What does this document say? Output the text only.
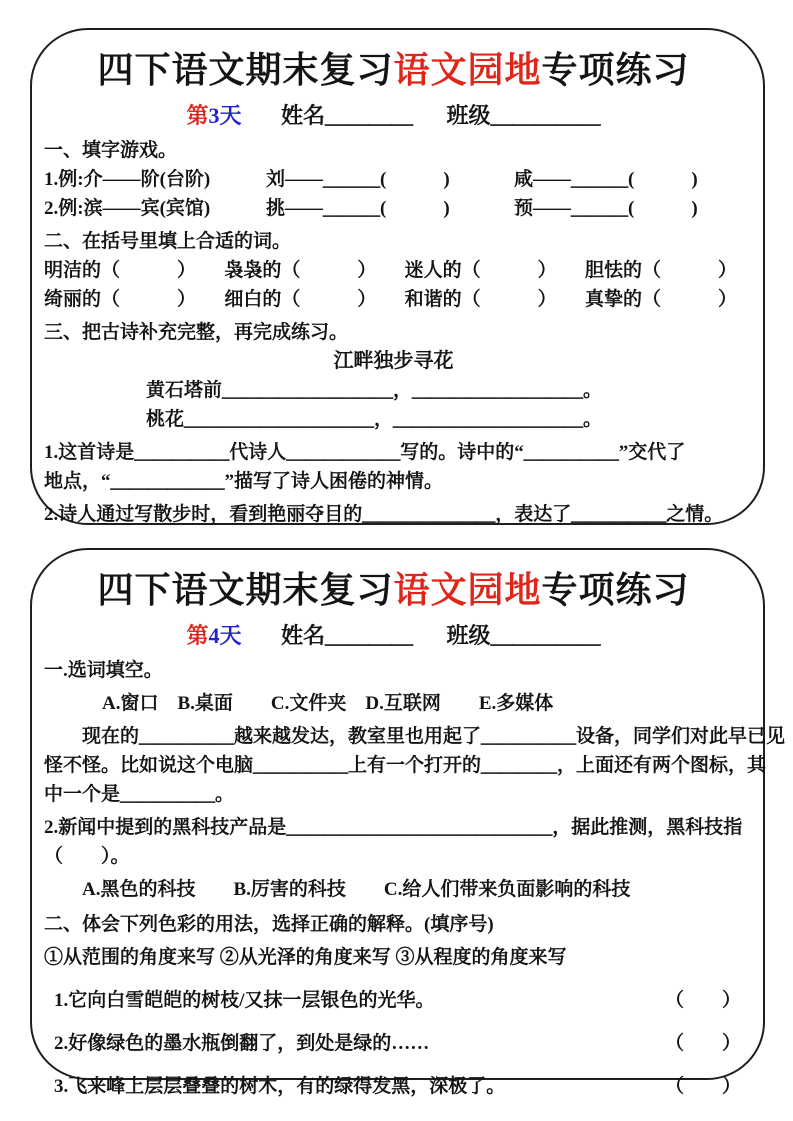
四下语文期末复习语文园地专项练习
第3天 姓名＿＿＿＿ 班级＿＿＿＿＿
一、填字游戏。
1.例:介——阶(台阶)	刘——＿＿＿(　　　)	咸——＿＿＿(　　　)
2.例:滨——宾(宾馆)	挑——＿＿＿(　　　)	预——＿＿＿(　　　)
二、在括号里填上合适的词。
明洁的（　　　） 袅袅的（　　　） 迷人的（　　　） 胆怯的（　　　）
绮丽的（　　　） 细白的（　　　） 和谐的（　　　） 真挚的（　　　）
三、把古诗补充完整，再完成练习。
江畔独步寻花
黄石塔前＿＿＿＿＿＿＿＿＿，＿＿＿＿＿＿＿＿＿。
桃花＿＿＿＿＿＿＿＿＿＿，＿＿＿＿＿＿＿＿＿＿。
1.这首诗是＿＿＿＿＿代诗人＿＿＿＿＿＿写的。诗中的“＿＿＿＿＿”交代了
地点，“＿＿＿＿＿＿”描写了诗人困倦的神情。
2.诗人通过写散步时，看到艳丽夺目的＿＿＿＿＿＿＿，表达了＿＿＿＿＿之情。
四下语文期末复习语文园地专项练习
第4天 姓名＿＿＿＿ 班级＿＿＿＿＿
一.选词填空。
A.窗口　B.桌面　　C.文件夹　D.互联网　　E.多媒体
现在的＿＿＿＿＿越来越发达，教室里也用起了＿＿＿＿＿设备，同学们对此早已见
怪不怪。比如说这个电脑＿＿＿＿＿上有一个打开的＿＿＿＿，上面还有两个图标，其
中一个是＿＿＿＿＿。
2.新闻中提到的黑科技产品是＿＿＿＿＿＿＿＿＿＿＿＿＿＿，据此推测，黑科技指
（　　）。
A.黑色的科技　　B.厉害的科技　　C.给人们带来负面影响的科技
二、体会下列色彩的用法，选择正确的解释。(填序号)
①从范围的角度来写 ②从光泽的角度来写 ③从程度的角度来写
1.它向白雪皑皑的树枝/又抹一层银色的光华。	（　　）
2.好像绿色的墨水瓶倒翻了，到处是绿的……	（　　）
3.飞来峰上层层叠叠的树木，有的绿得发黑，深极了。	（　　）
